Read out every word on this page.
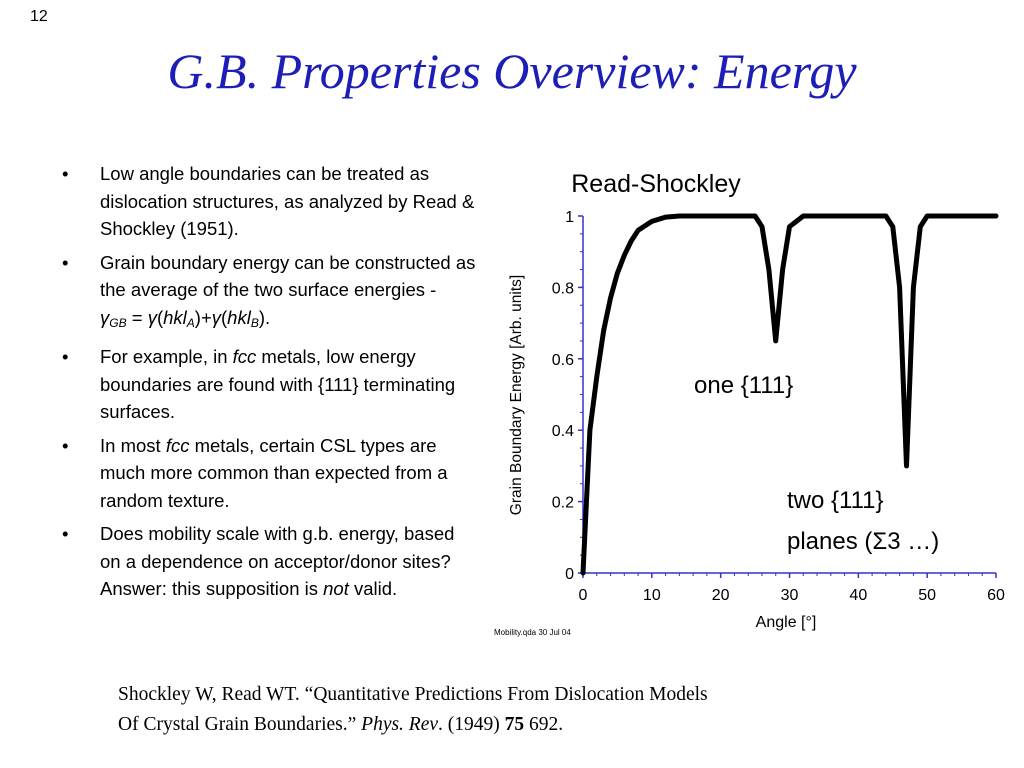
12
G.B. Properties Overview: Energy
• Low angle boundaries can be treated as dislocation structures, as analyzed by Read & Shockley (1951).
• Grain boundary energy can be constructed as the average of the two surface energies -
$\gamma_{GB} = \gamma(hkl_A)+\gamma(hkl_B)$.
• For example, in fcc metals, low energy boundaries are found with {111} terminating surfaces.
• In most fcc metals, certain CSL types are much more common than expected from a random texture.
• Does mobility scale with g.b. energy, based on a dependence on acceptor/donor sites? Answer: this supposition is not valid.
Read-Shockley
0	10	20	30	40	50	60
0
0.2
0.4
0.6
0.8
1
Angle [°]
Grain Boundary Energy [Arb. units]	one {111}
two {111}
planes (Σ3 …)
Mobility.qda 30 Jul 04
Shockley W, Read WT. “Quantitative Predictions From Dislocation Models
Of Crystal Grain Boundaries.” Phys. Rev. (1949) 75 692.
